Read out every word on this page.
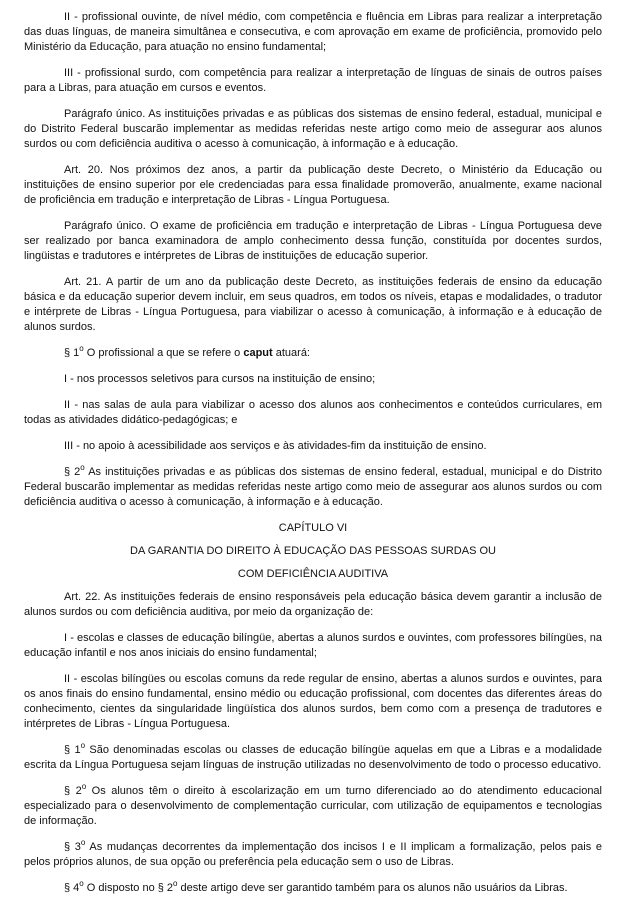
II - profissional ouvinte, de nível médio, com competência e fluência em Libras para realizar a interpretação das duas línguas, de maneira simultânea e consecutiva, e com aprovação em exame de proficiência, promovido pelo Ministério da Educação, para atuação no ensino fundamental;

III - profissional surdo, com competência para realizar a interpretação de línguas de sinais de outros países para a Libras, para atuação em cursos e eventos.

Parágrafo único. As instituições privadas e as públicas dos sistemas de ensino federal, estadual, municipal e do Distrito Federal buscarão implementar as medidas referidas neste artigo como meio de assegurar aos alunos surdos ou com deficiência auditiva o acesso à comunicação, à informação e à educação.

Art. 20. Nos próximos dez anos, a partir da publicação deste Decreto, o Ministério da Educação ou instituições de ensino superior por ele credenciadas para essa finalidade promoverão, anualmente, exame nacional de proficiência em tradução e interpretação de Libras - Língua Portuguesa.

Parágrafo único. O exame de proficiência em tradução e interpretação de Libras - Língua Portuguesa deve ser realizado por banca examinadora de amplo conhecimento dessa função, constituída por docentes surdos, lingüistas e tradutores e intérpretes de Libras de instituições de educação superior.

Art. 21. A partir de um ano da publicação deste Decreto, as instituições federais de ensino da educação básica e da educação superior devem incluir, em seus quadros, em todos os níveis, etapas e modalidades, o tradutor e intérprete de Libras - Língua Portuguesa, para viabilizar o acesso à comunicação, à informação e à educação de alunos surdos.

§ 1$^o$ O profissional a que se refere o caput atuará:

I - nos processos seletivos para cursos na instituição de ensino;

II - nas salas de aula para viabilizar o acesso dos alunos aos conhecimentos e conteúdos curriculares, em todas as atividades didático-pedagógicas; e

III - no apoio à acessibilidade aos serviços e às atividades-fim da instituição de ensino.

§ 2$^o$ As instituições privadas e as públicas dos sistemas de ensino federal, estadual, municipal e do Distrito Federal buscarão implementar as medidas referidas neste artigo como meio de assegurar aos alunos surdos ou com deficiência auditiva o acesso à comunicação, à informação e à educação.

CAPÍTULO VI

DA GARANTIA DO DIREITO À EDUCAÇÃO DAS PESSOAS SURDAS OU

COM DEFICIÊNCIA AUDITIVA

Art. 22. As instituições federais de ensino responsáveis pela educação básica devem garantir a inclusão de alunos surdos ou com deficiência auditiva, por meio da organização de:

I - escolas e classes de educação bilíngüe, abertas a alunos surdos e ouvintes, com professores bilíngües, na educação infantil e nos anos iniciais do ensino fundamental;

II - escolas bilíngües ou escolas comuns da rede regular de ensino, abertas a alunos surdos e ouvintes, para os anos finais do ensino fundamental, ensino médio ou educação profissional, com docentes das diferentes áreas do conhecimento, cientes da singularidade lingüística dos alunos surdos, bem como com a presença de tradutores e intérpretes de Libras - Língua Portuguesa.

§ 1$^o$ São denominadas escolas ou classes de educação bilíngüe aquelas em que a Libras e a modalidade escrita da Língua Portuguesa sejam línguas de instrução utilizadas no desenvolvimento de todo o processo educativo.

§ 2$^o$ Os alunos têm o direito à escolarização em um turno diferenciado ao do atendimento educacional especializado para o desenvolvimento de complementação curricular, com utilização de equipamentos e tecnologias de informação.

§ 3$^o$ As mudanças decorrentes da implementação dos incisos I e II implicam a formalização, pelos pais e pelos próprios alunos, de sua opção ou preferência pela educação sem o uso de Libras.

§ 4$^o$ O disposto no § 2$^o$ deste artigo deve ser garantido também para os alunos não usuários da Libras.
